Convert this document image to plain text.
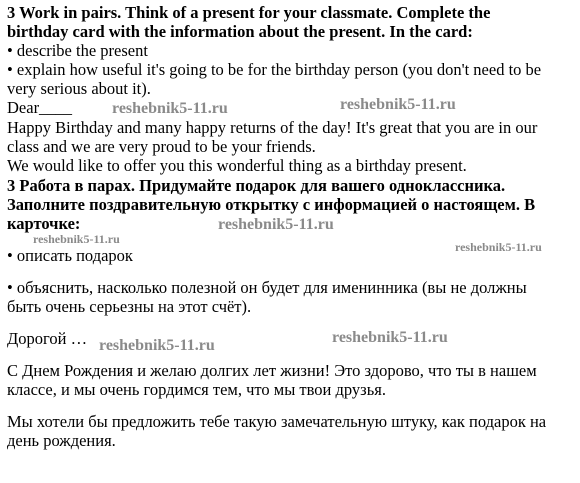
3 Work in pairs. Think of a present for your classmate. Complete the
birthday card with the information about the present. In the card:
• describe the present
• explain how useful it's going to be for the birthday person (you don't need to be
very serious about it).
Dear____
Happy Birthday and many happy returns of the day! It's great that you are in our
class and we are very proud to be your friends.
We would like to offer you this wonderful thing as a birthday present.
3 Работа в парах. Придумайте подарок для вашего одноклассника.
Заполните поздравительную открытку с информацией о настоящем. В
карточке:
• описать подарок
• объяснить, насколько полезной он будет для именинника (вы не должны
быть очень серьезны на этот счёт).
Дорогой …
С Днем Рождения и желаю долгих лет жизни! Это здорово, что ты в нашем
классе, и мы очень гордимся тем, что мы твои друзья.
Мы хотели бы предложить тебе такую замечательную штуку, как подарок на
день рождения.
reshebnik5-11.ru	reshebnik5-11.ru
reshebnik5-11.ru
reshebnik5-11.ru
reshebnik5-11.ru
reshebnik5-11.ru	reshebnik5-11.ru
